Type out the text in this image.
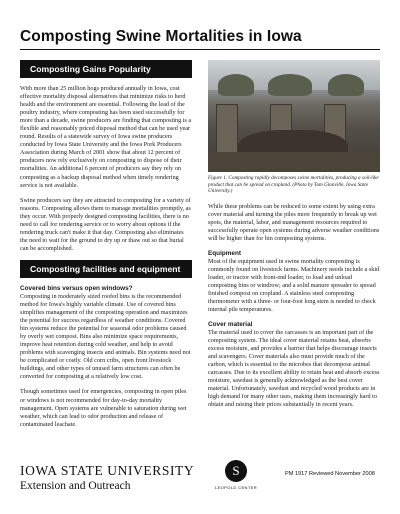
Composting Swine Mortalities in Iowa
Composting Gains Popularity

With more than 25 million hogs produced annually in Iowa, cost effective mortality disposal alternatives that minimize risks to herd health and the environment are essential. Following the lead of the poultry industry, where composting has been used successfully for more than a decade, swine producers are finding that composting is a flexible and reasonably priced disposal method that can be used year round. Results of a statewide survey of Iowa swine producers conducted by Iowa State University and the Iowa Pork Producers Association during March of 2001 show that about 12 percent of producers now rely exclusively on composting to dispose of their mortalities. An additional 6 percent of producers say they rely on composting as a backup disposal method when timely rendering service is not available.

Swine producers say they are attracted to composting for a variety of reasons. Composting allows them to manage mortalities promptly, as they occur. With properly designed composting facilities, there is no need to call for rendering service or to worry about options if the rendering truck can't make it that day. Composting also eliminates the need to wait for the ground to dry up or thaw out so that burial can be accomplished.

Composting facilities and equipment
Covered bins versus open windows?

Composting in moderately sized roofed bins is the recommended method for Iowa's highly variable climate. Use of covered bins simplifies management of the composting operation and maximizes the potential for success regardless of weather conditions. Covered bin systems reduce the potential for seasonal odor problems caused by overly wet compost. Bins also minimize space requirements, improve heat retention during cold weather, and help to avoid problems with scavenging insects and animals. Bin systems need not be complicated or costly. Old corn cribs, open front livestock buildings, and other types of unused farm structures can often be converted for composting at a relatively low cost.

Though sometimes used for emergencies, composting in open piles or windows is not recommended for day-to-day mortality management. Open systems are vulnerable to saturation during wet weather, which can lead to odor production and release of contaminated leachate.

Figure 1. Composting rapidly decomposes swine mortalities, producing a soil-like product that can be spread on cropland. (Photo by Tom Glanville, Iowa State University.)

While these problems can be reduced to some extent by using extra cover material and turning the piles more frequently to break up wet spots, the material, labor, and management resources required to successfully operate open systems during adverse weather conditions will be higher than for bin composting systems.

Equipment

Most of the equipment used in swine mortality composting is commonly found on livestock farms. Machinery needs include a skid loader, or tractor with front-end loader, to load and unload composting bins or windrow; and a solid manure spreader to spread finished compost on cropland. A stainless steel composting thermometer with a three- or four-foot long stem is needed to check internal pile temperatures.

Cover material

The material used to cover the carcasses is an important part of the composting system. The ideal cover material retains heat, absorbs excess moisture, and provides a barrier that helps discourage insects and scavengers. Cover materials also must provide much of the carbon, which is essential to the microbes that decompose animal carcasses. Due to its excellent ability to retain heat and absorb excess moisture, sawdust is generally acknowledged as the best cover material. Unfortunately, sawdust and recycled wood products are in high demand for many other uses, making them increasingly hard to obtain and raising their prices substantially in recent years.

IOWA STATE UNIVERSITY
Extension and Outreach
S
LEOPOLD CENTER
PM 1917 Reviewed November 2008
